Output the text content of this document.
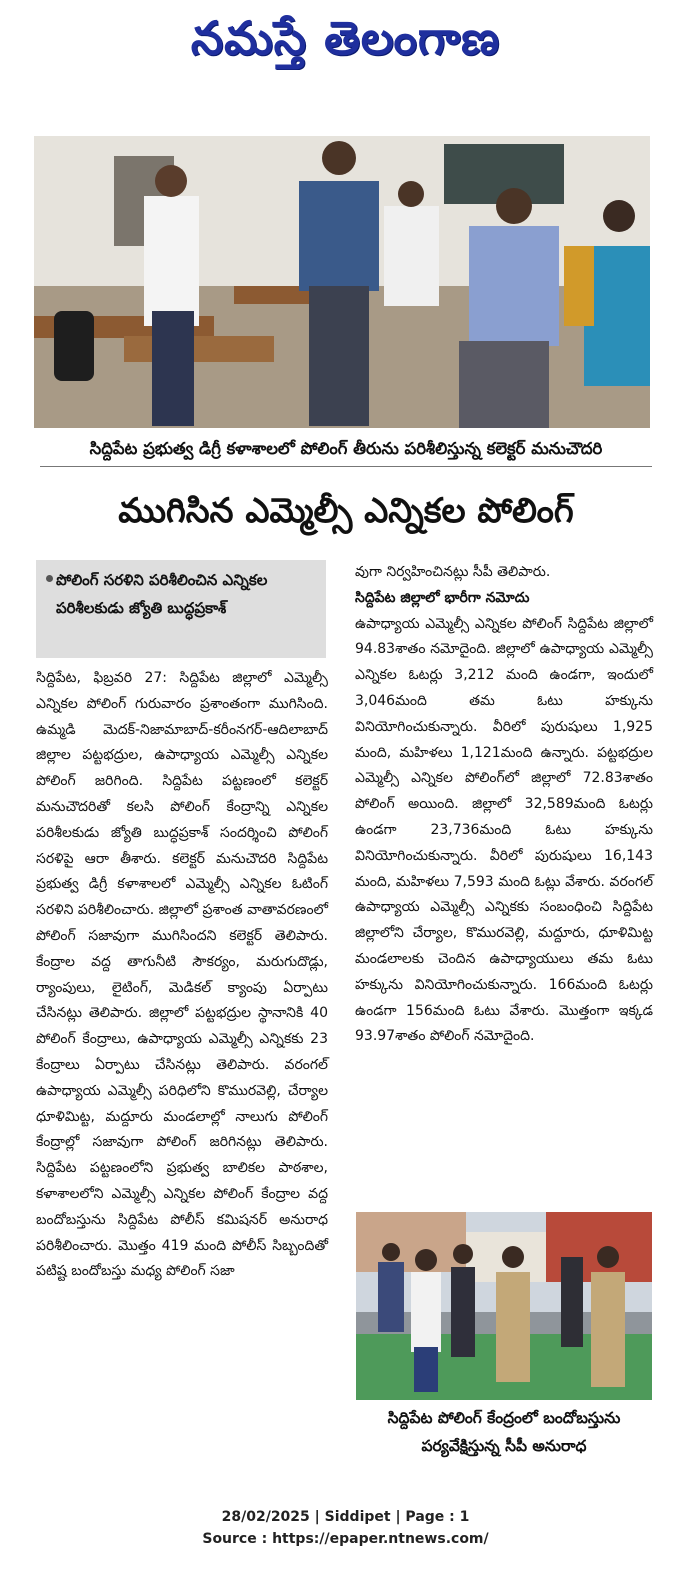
నమస్తే తెలంగాణ
సిద్దిపేట ప్రభుత్వ డిగ్రీ కళాశాలలో పోలింగ్ తీరును పరిశీలిస్తున్న కలెక్టర్ మనుచౌదరి
ముగిసిన ఎమ్మెల్సీ ఎన్నికల పోలింగ్
పోలింగ్ సరళిని పరిశీలించిన ఎన్నికల పరిశీలకుడు జ్యోతి బుద్ధప్రకాశ్

సిద్దిపేట, ఫిబ్రవరి 27: సిద్దిపేట జిల్లాలో ఎమ్మెల్సీ ఎన్నికల పోలింగ్ గురువారం ప్రశాంతంగా ముగిసింది. ఉమ్మడి మెదక్-నిజామాబాద్-కరీంనగర్-ఆదిలాబాద్ జిల్లాల పట్టభద్రుల, ఉపాధ్యాయ ఎమ్మెల్సీ ఎన్నికల పోలింగ్ జరిగింది. సిద్దిపేట పట్టణంలో కలెక్టర్ మనుచౌదరితో కలసి పోలింగ్ కేంద్రాన్ని ఎన్నికల పరిశీలకుడు జ్యోతి బుద్ధప్రకాశ్ సందర్శించి పోలింగ్ సరళిపై ఆరా తీశారు. కలెక్టర్ మనుచౌదరి సిద్దిపేట ప్రభుత్వ డిగ్రీ కళాశాలలో ఎమ్మెల్సీ ఎన్నికల ఓటింగ్ సరళిని పరిశీలించారు. జిల్లాలో ప్రశాంత వాతావరణంలో పోలింగ్ సజావుగా ముగిసిందని కలెక్టర్ తెలిపారు. కేంద్రాల వద్ద తాగునీటి సౌకర్యం, మరుగుదొడ్లు, ర్యాంపులు, లైటింగ్, మెడికల్ క్యాంపు ఏర్పాటు చేసినట్లు తెలిపారు. జిల్లాలో పట్టభద్రుల స్థానానికి 40 పోలింగ్ కేంద్రాలు, ఉపాధ్యాయ ఎమ్మెల్సీ ఎన్నికకు 23 కేంద్రాలు ఏర్పాటు చేసినట్లు తెలిపారు. వరంగల్ ఉపాధ్యాయ ఎమ్మెల్సీ పరిధిలోని కొమురవెల్లి, చేర్యాల ధూళిమిట్ట, మద్దూరు మండలాల్లో నాలుగు పోలింగ్ కేంద్రాల్లో సజావుగా పోలింగ్ జరిగినట్లు తెలిపారు. సిద్దిపేట పట్టణంలోని ప్రభుత్వ బాలికల పాఠశాల, కళాశాలలోని ఎమ్మెల్సీ ఎన్నికల పోలింగ్ కేంద్రాల వద్ద బందోబస్తును సిద్దిపేట పోలీస్ కమిషనర్ అనురాధ పరిశీలించారు. మొత్తం 419 మంది పోలీస్ సిబ్బందితో పటిష్ట బందోబస్తు మధ్య పోలింగ్ సజా

వుగా నిర్వహించినట్లు సీపీ తెలిపారు.

సిద్దిపేట జిల్లాలో భారీగా నమోదు

ఉపాధ్యాయ ఎమ్మెల్సీ ఎన్నికల పోలింగ్ సిద్దిపేట జిల్లాలో 94.83శాతం నమోదైంది. జిల్లాలో ఉపాధ్యాయ ఎమ్మెల్సీ ఎన్నికల ఓటర్లు 3,212 మంది ఉండగా, ఇందులో 3,046మంది తమ ఓటు హక్కును వినియోగించుకున్నారు. వీరిలో పురుషులు 1,925 మంది, మహిళలు 1,121మంది ఉన్నారు. పట్టభద్రుల ఎమ్మెల్సీ ఎన్నికల పోలింగ్‌లో జిల్లాలో 72.83శాతం పోలింగ్ అయింది. జిల్లాలో 32,589మంది ఓటర్లు ఉండగా 23,736మంది ఓటు హక్కును వినియోగించుకున్నారు. వీరిలో పురుషులు 16,143 మంది, మహిళలు 7,593 మంది ఓట్లు వేశారు. వరంగల్ ఉపాధ్యాయ ఎమ్మెల్సీ ఎన్నికకు సంబంధించి సిద్దిపేట జిల్లాలోని చేర్యాల, కొమురవెల్లి, మద్దూరు, ధూళిమిట్ట మండలాలకు చెందిన ఉపాధ్యాయులు తమ ఓటు హక్కును వినియోగించుకున్నారు. 166మంది ఓటర్లు ఉండగా 156మంది ఓటు వేశారు. మొత్తంగా ఇక్కడ 93.97శాతం పోలింగ్ నమోదైంది.

సిద్దిపేట పోలింగ్ కేంద్రంలో బందోబస్తును పర్యవేక్షిస్తున్న సీపీ అనురాధ
28/02/2025 | Siddipet | Page : 1
Source : https://epaper.ntnews.com/
